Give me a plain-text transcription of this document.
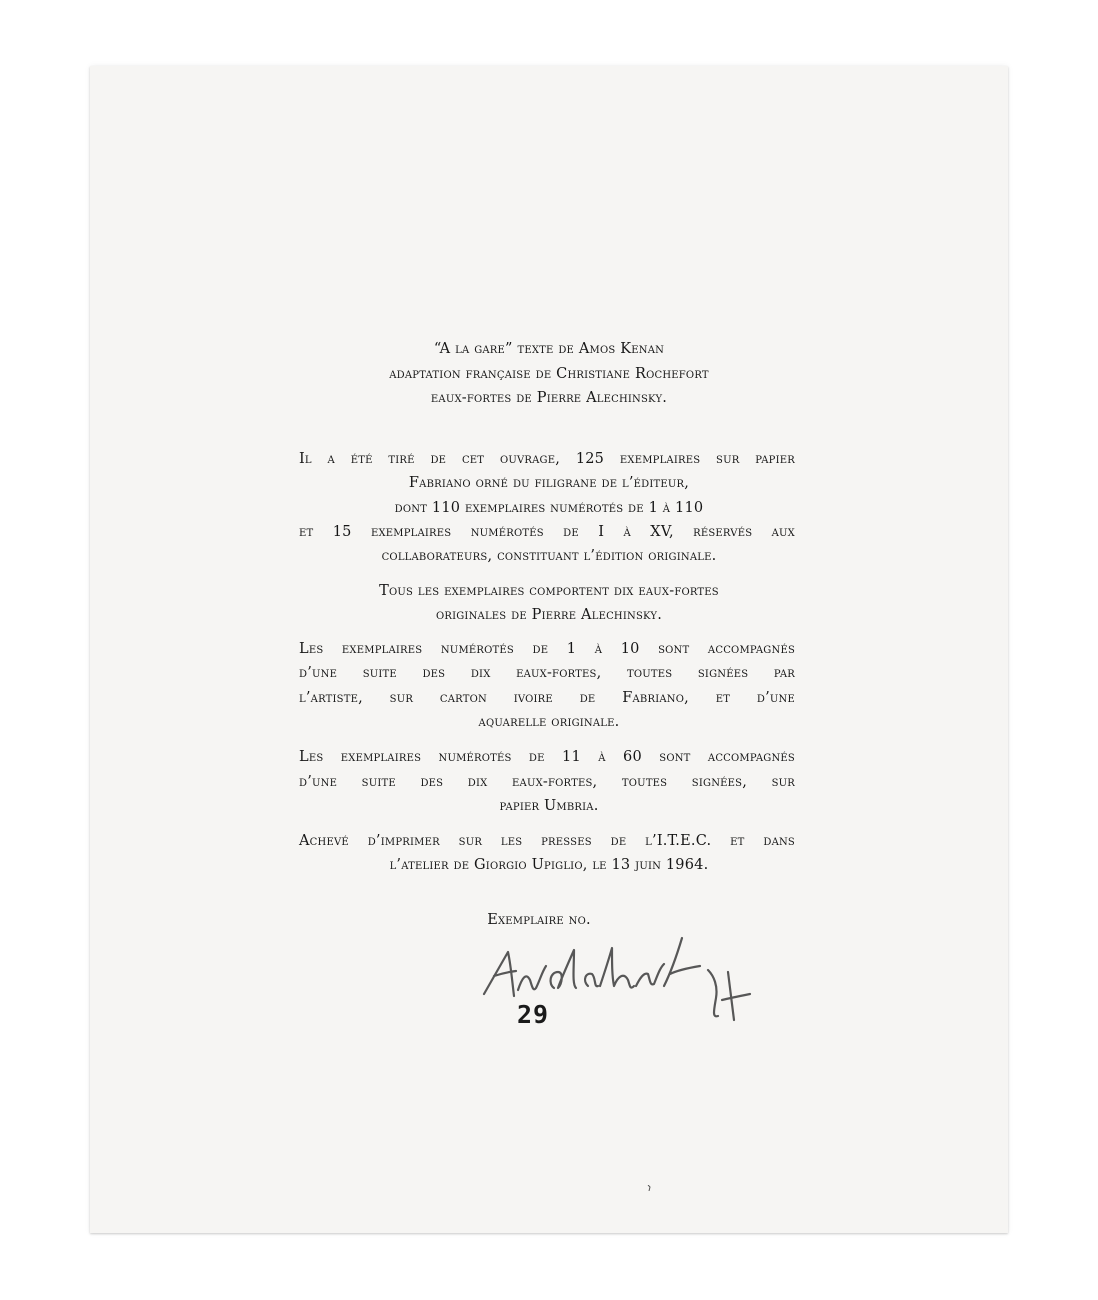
“A la gare” texte de Amos Kenan
adaptation française de Christiane Rochefort
eaux-fortes de Pierre Alechinsky.
Il a été tiré de cet ouvrage, 125 exemplaires sur papier
Fabriano orné du filigrane de l’éditeur,
dont 110 exemplaires numérotés de 1 à 110
et 15 exemplaires numérotés de I à XV, réservés aux
collaborateurs, constituant l’édition originale.
Tous les exemplaires comportent dix eaux-fortes
originales de Pierre Alechinsky.
Les exemplaires numérotés de 1 à 10 sont accompagnés
d’une suite des dix eaux-fortes, toutes signées par
l’artiste, sur carton ivoire de Fabriano, et d’une
aquarelle originale.
Les exemplaires numérotés de 11 à 60 sont accompagnés
d’une suite des dix eaux-fortes, toutes signées, sur
papier Umbria.
Achevé d’imprimer sur les presses de l’I.T.E.C. et dans
l’atelier de Giorgio Upiglio, le 13 juin 1964.
Exemplaire no.
29
